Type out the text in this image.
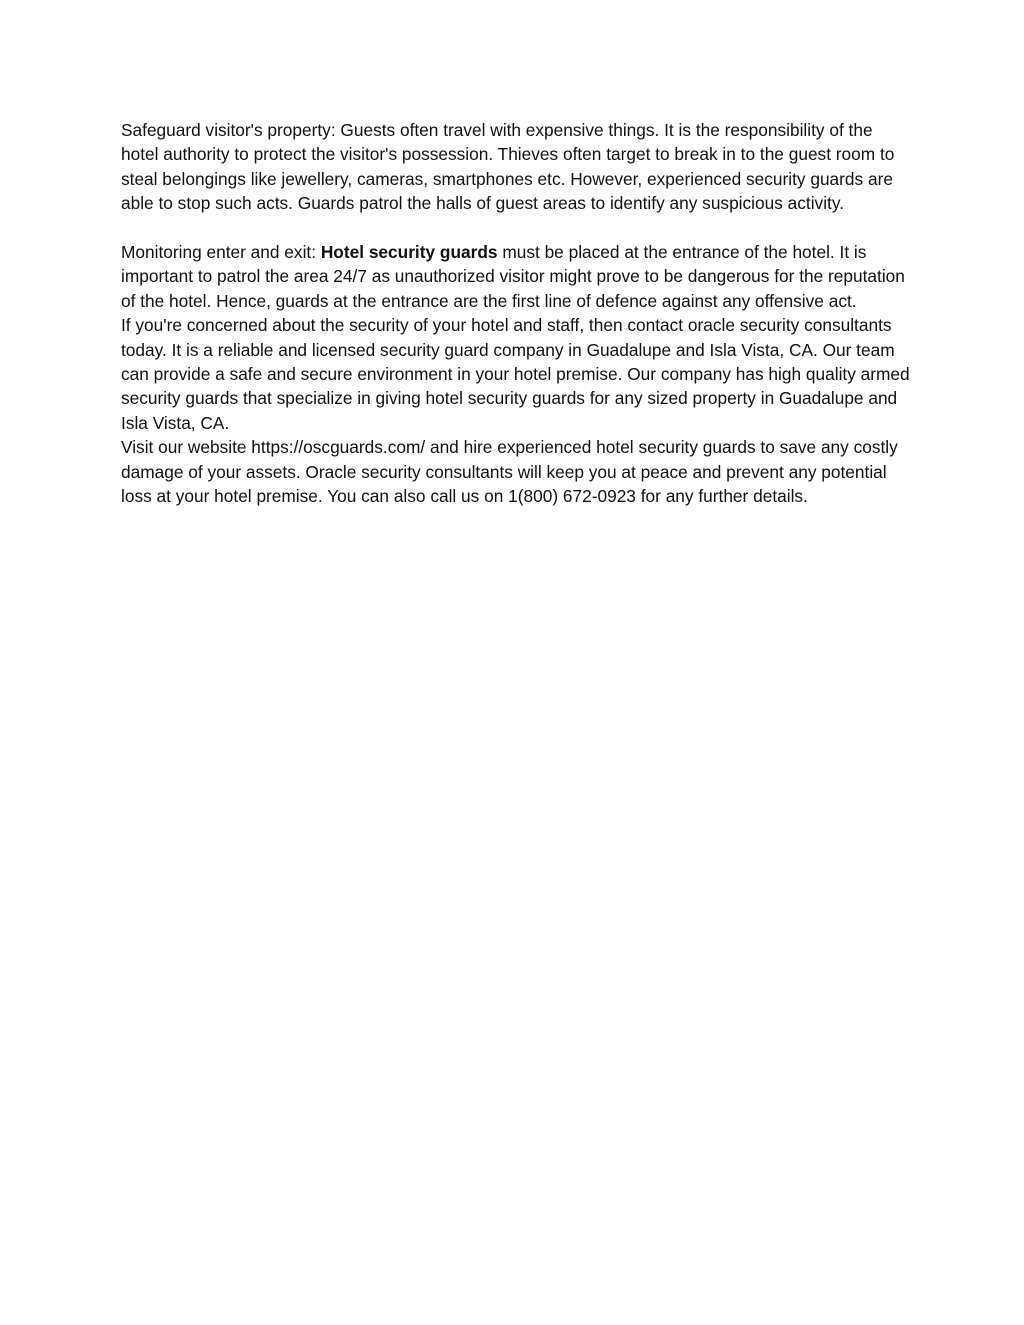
Safeguard visitor's property: Guests often travel with expensive things. It is the responsibility of the hotel authority to protect the visitor's possession. Thieves often target to break in to the guest room to steal belongings like jewellery, cameras, smartphones etc. However, experienced security guards are able to stop such acts. Guards patrol the halls of guest areas to identify any suspicious activity.

Monitoring enter and exit: Hotel security guards must be placed at the entrance of the hotel. It is important to patrol the area 24/7 as unauthorized visitor might prove to be dangerous for the reputation of the hotel. Hence, guards at the entrance are the first line of defence against any offensive act.

If you're concerned about the security of your hotel and staff, then contact oracle security consultants today. It is a reliable and licensed security guard company in Guadalupe and Isla Vista, CA. Our team can provide a safe and secure environment in your hotel premise. Our company has high quality armed security guards that specialize in giving hotel security guards for any sized property in Guadalupe and Isla Vista, CA.

Visit our website https://oscguards.com/ and hire experienced hotel security guards to save any costly damage of your assets. Oracle security consultants will keep you at peace and prevent any potential loss at your hotel premise. You can also call us on 1(800) 672-0923 for any further details.
